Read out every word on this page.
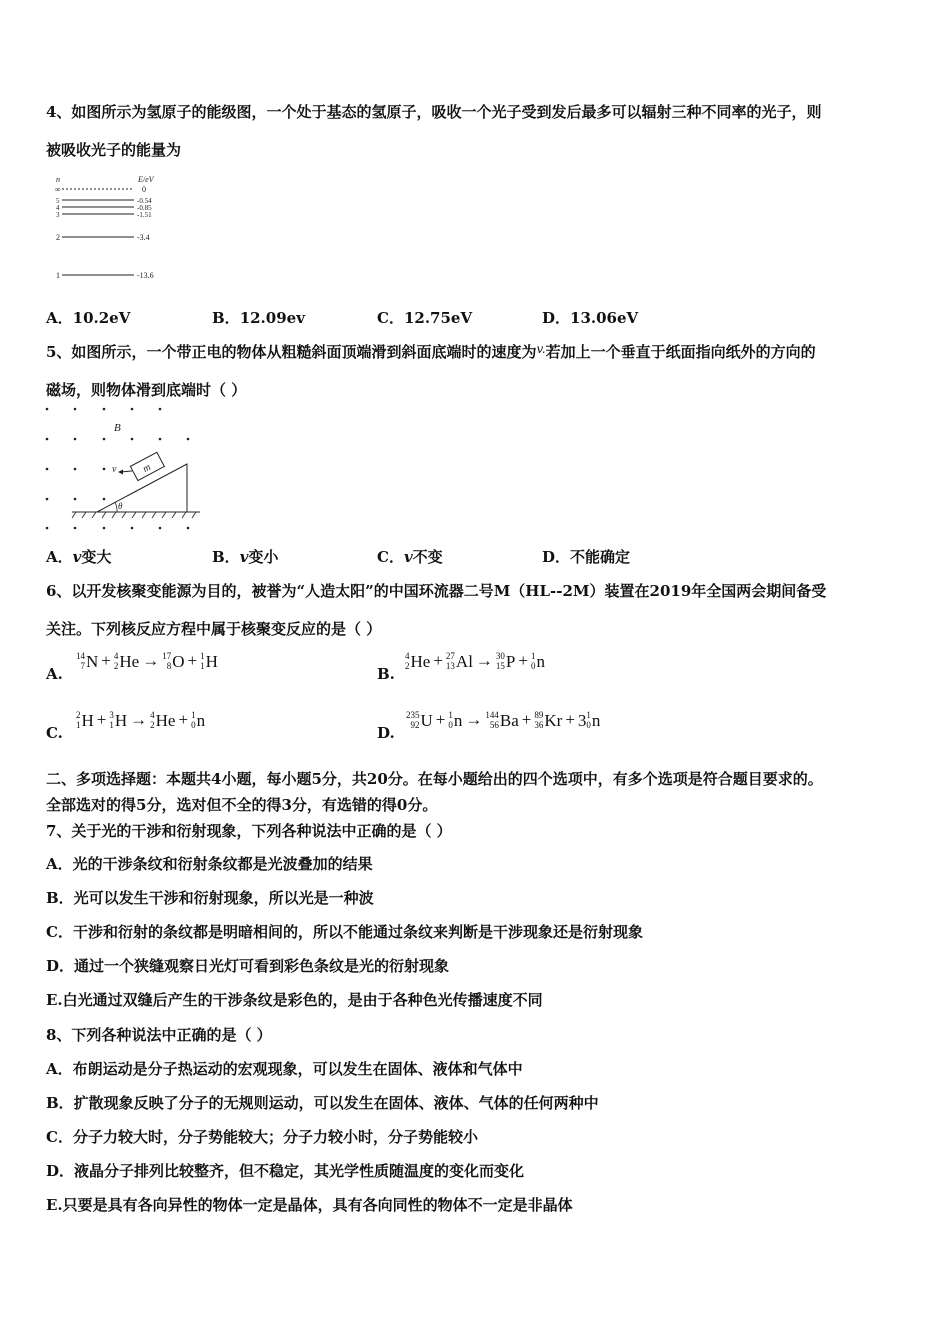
4、如图所示为氢原子的能级图，一个处于基态的氢原子，吸收一个光子受到发后最多可以辐射三种不同率的光子，则
被吸收光子的能量为
n	E/eV
∞	0
5	-0.54
4	-0.85
3	-1.51
2	-3.4
1	-13.6
A．10.2eV	B．12.09ev	C．12.75eV	D．13.06eV
5、如图所示，一个带正电的物体从粗糙斜面顶端滑到斜面底端时的速度为$^{v.}$若加上一个垂直于纸面指向纸外的方向的
磁场，则物体滑到底端时（ ）
B
m
v
θ
A．v变大	B．v变小	C．v不变	D．不能确定
6、以开发核聚变能源为目的，被誉为“人造太阳”的中国环流器二号M（HL--2M）装置在2019年全国两会期间备受
关注。下列核反应方程中属于核聚变反应的是（ ）
A.
14
7 N + 4
2 He → 17
8 O + 1
1 H
B.
4
2 He + 27
13 Al → 30
15 P + 1
0 n
C.
2
1 H + 3
1 H → 4
2 He + 1
0 n
D.
235
92 U + 1
0 n → 144
56 Ba + 89
36 Kr + 3 1
0 n
二、多项选择题：本题共4小题，每小题5分，共20分。在每小题给出的四个选项中，有多个选项是符合题目要求的。
全部选对的得5分，选对但不全的得3分，有选错的得0分。
7、关于光的干涉和衍射现象，下列各种说法中正确的是（ ）
A．光的干涉条纹和衍射条纹都是光波叠加的结果
B．光可以发生干涉和衍射现象，所以光是一种波
C．干涉和衍射的条纹都是明暗相间的，所以不能通过条纹来判断是干涉现象还是衍射现象
D．通过一个狭缝观察日光灯可看到彩色条纹是光的衍射现象
E.白光通过双缝后产生的干涉条纹是彩色的，是由于各种色光传播速度不同
8、下列各种说法中正确的是（ ）
A．布朗运动是分子热运动的宏观现象，可以发生在固体、液体和气体中
B．扩散现象反映了分子的无规则运动，可以发生在固体、液体、气体的任何两种中
C．分子力较大时，分子势能较大；分子力较小时，分子势能较小
D．液晶分子排列比较整齐，但不稳定，其光学性质随温度的变化而变化
E.只要是具有各向异性的物体一定是晶体，具有各向同性的物体不一定是非晶体
